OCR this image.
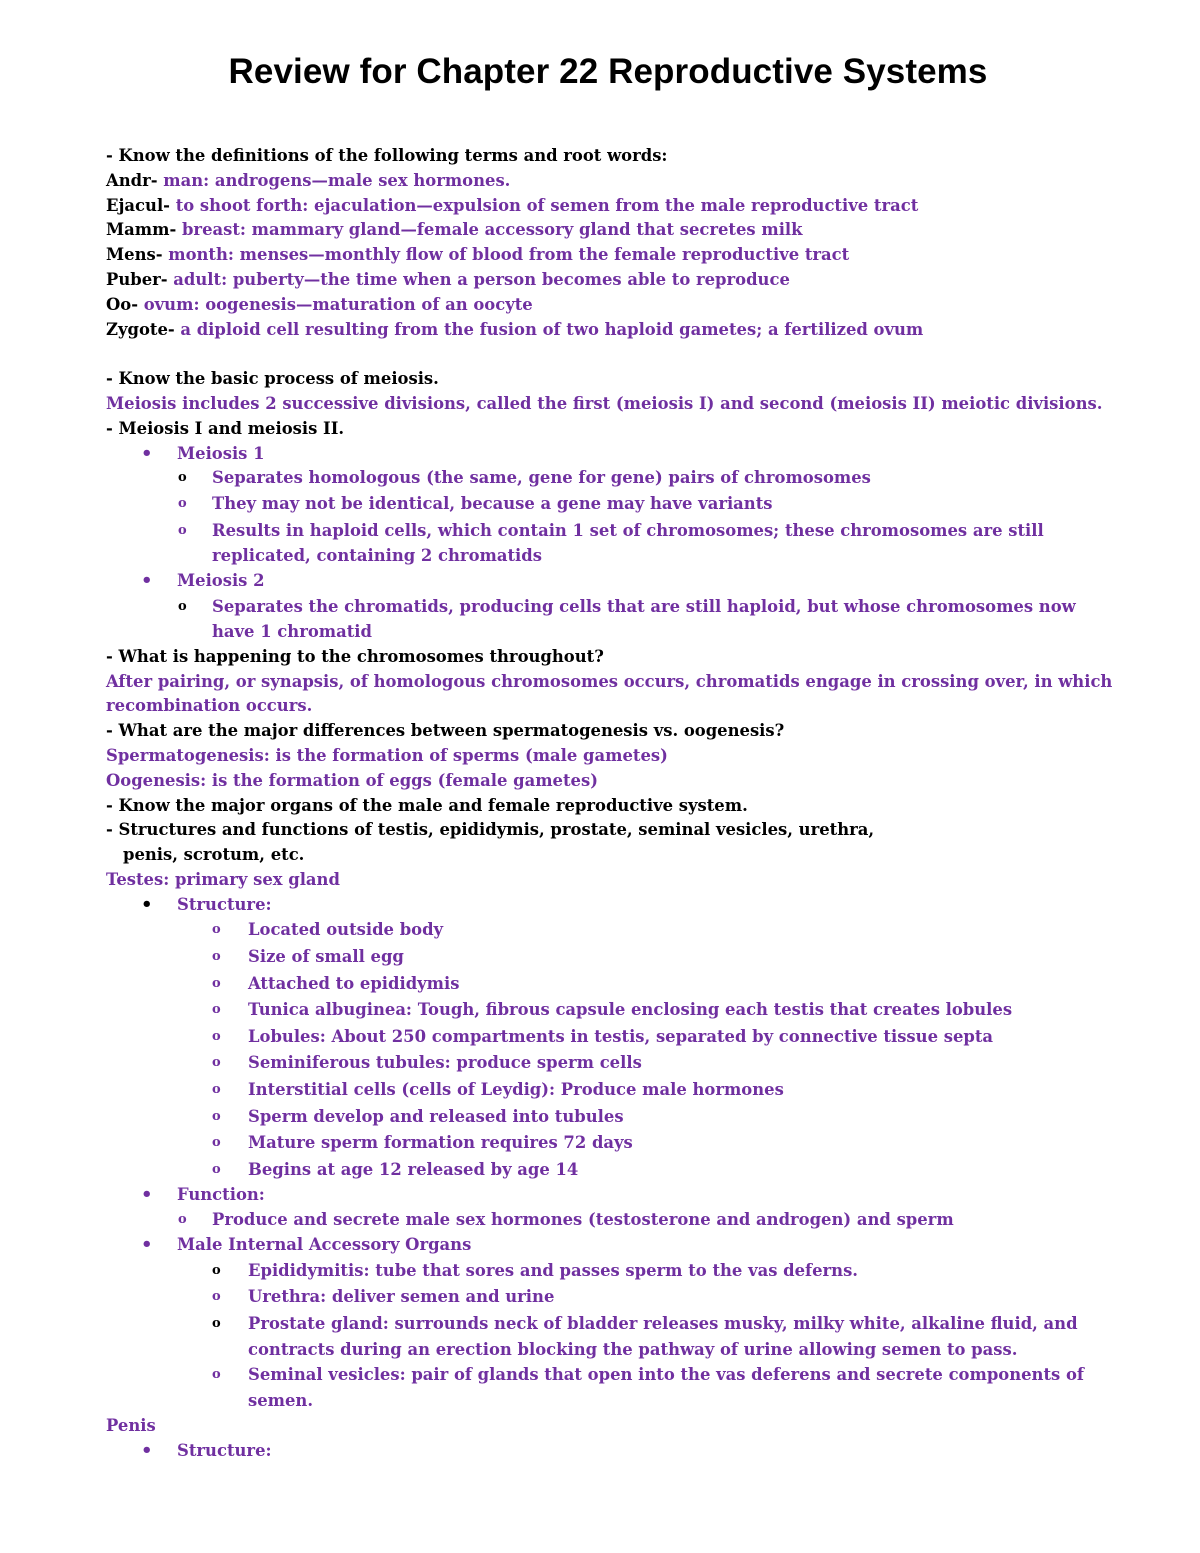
Review for Chapter 22 Reproductive Systems
- Know the definitions of the following terms and root words:
Andr- man: androgens—male sex hormones.
Ejacul- to shoot forth: ejaculation—expulsion of semen from the male reproductive tract
Mamm- breast: mammary gland—female accessory gland that secretes milk
Mens- month: menses—monthly flow of blood from the female reproductive tract
Puber- adult: puberty—the time when a person becomes able to reproduce
Oo- ovum: oogenesis—maturation of an oocyte
Zygote- a diploid cell resulting from the fusion of two haploid gametes; a fertilized ovum
- Know the basic process of meiosis.
Meiosis includes 2 successive divisions, called the first (meiosis I) and second (meiosis II) meiotic divisions.
- Meiosis I and meiosis II.
• Meiosis 1
o Separates homologous (the same, gene for gene) pairs of chromosomes
o They may not be identical, because a gene may have variants
o Results in haploid cells, which contain 1 set of chromosomes; these chromosomes are still
replicated, containing 2 chromatids
• Meiosis 2
o Separates the chromatids, producing cells that are still haploid, but whose chromosomes now
have 1 chromatid
- What is happening to the chromosomes throughout?
After pairing, or synapsis, of homologous chromosomes occurs, chromatids engage in crossing over, in which
recombination occurs.
- What are the major differences between spermatogenesis vs. oogenesis?
Spermatogenesis: is the formation of sperms (male gametes)
Oogenesis: is the formation of eggs (female gametes)
- Know the major organs of the male and female reproductive system.
- Structures and functions of testis, epididymis, prostate, seminal vesicles, urethra,
penis, scrotum, etc.
Testes: primary sex gland
• Structure:
o Located outside body
o Size of small egg
o Attached to epididymis
o Tunica albuginea: Tough, fibrous capsule enclosing each testis that creates lobules
o Lobules: About 250 compartments in testis, separated by connective tissue septa
o Seminiferous tubules: produce sperm cells
o Interstitial cells (cells of Leydig): Produce male hormones
o Sperm develop and released into tubules
o Mature sperm formation requires 72 days
o Begins at age 12 released by age 14
• Function:
o Produce and secrete male sex hormones (testosterone and androgen) and sperm
• Male Internal Accessory Organs
o Epididymitis: tube that sores and passes sperm to the vas deferns.
o Urethra: deliver semen and urine
o Prostate gland: surrounds neck of bladder releases musky, milky white, alkaline fluid, and
contracts during an erection blocking the pathway of urine allowing semen to pass.
o Seminal vesicles: pair of glands that open into the vas deferens and secrete components of
semen.
Penis
• Structure:
